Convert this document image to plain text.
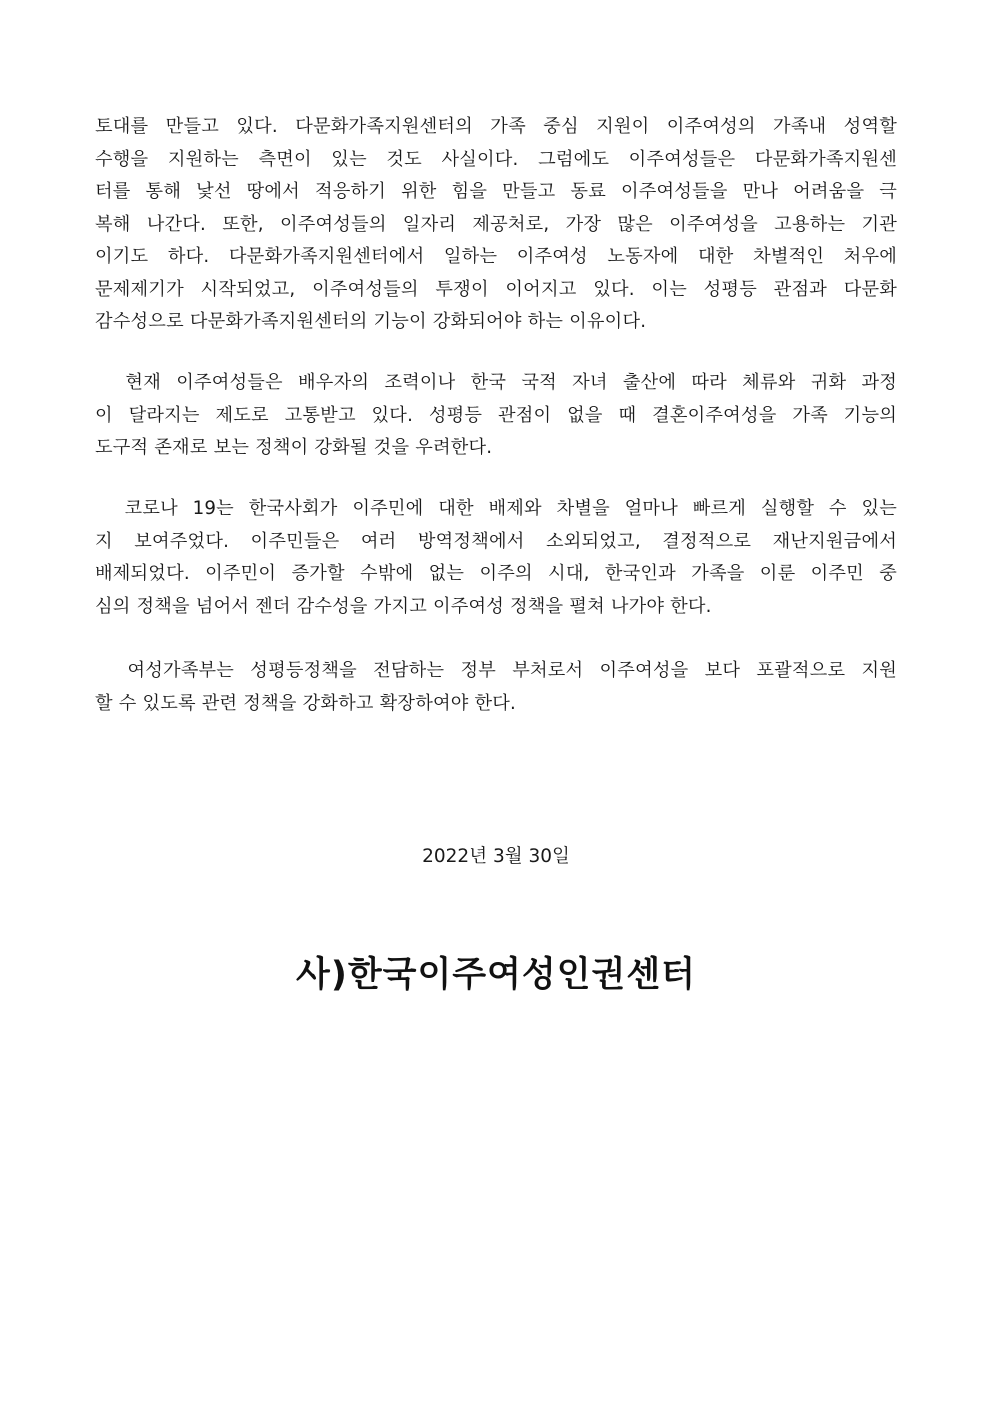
토대를 만들고 있다. 다문화가족지원센터의 가족 중심 지원이 이주여성의 가족내 성역할
수행을 지원하는 측면이 있는 것도 사실이다. 그럼에도 이주여성들은 다문화가족지원센
터를 통해 낯선 땅에서 적응하기 위한 힘을 만들고 동료 이주여성들을 만나 어려움을 극
복해 나간다. 또한, 이주여성들의 일자리 제공처로, 가장 많은 이주여성을 고용하는 기관
이기도 하다. 다문화가족지원센터에서 일하는 이주여성 노동자에 대한 차별적인 처우에
문제제기가 시작되었고, 이주여성들의 투쟁이 이어지고 있다. 이는 성평등 관점과 다문화
감수성으로 다문화가족지원센터의 기능이 강화되어야 하는 이유이다.
현재 이주여성들은 배우자의 조력이나 한국 국적 자녀 출산에 따라 체류와 귀화 과정
이 달라지는 제도로 고통받고 있다. 성평등 관점이 없을 때 결혼이주여성을 가족 기능의
도구적 존재로 보는 정책이 강화될 것을 우려한다.
코로나 19는 한국사회가 이주민에 대한 배제와 차별을 얼마나 빠르게 실행할 수 있는
지 보여주었다. 이주민들은 여러 방역정책에서 소외되었고, 결정적으로 재난지원금에서
배제되었다. 이주민이 증가할 수밖에 없는 이주의 시대, 한국인과 가족을 이룬 이주민 중
심의 정책을 넘어서 젠더 감수성을 가지고 이주여성 정책을 펼쳐 나가야 한다.
여성가족부는 성평등정책을 전담하는 정부 부처로서 이주여성을 보다 포괄적으로 지원
할 수 있도록 관련 정책을 강화하고 확장하여야 한다.
2022년 3월 30일
사)한국이주여성인권센터
